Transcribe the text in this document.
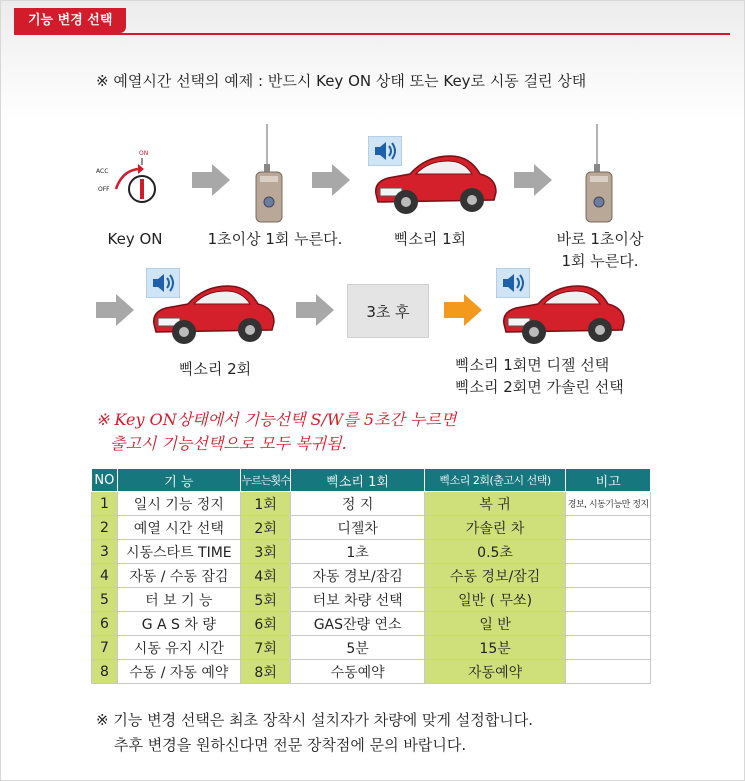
기능 변경 선택
※ 예열시간 선택의 예제 : 반드시 Key ON 상태 또는 Key로 시동 걸린 상태
ACC
ON
OFF
Key ON	1초이상 1회 누른다.	삑소리 1회	바로 1초이상
1회 누른다.
3초 후
삑소리 2회	삑소리 1회면 디젤 선택
삑소리 2회면 가솔린 선택
※ Key ON상태에서 기능선택 S/W를 5초간 누르면
출고시 기능선택으로 모두 복귀됨.
NO	기 능	누르는횟수	삑소리 1회	삑소리 2회(출고시 선택)	비고
1	일시 기능 정지	1회	정 지	복 귀	경보, 시동기능만 정지
2	예열 시간 선택	2회	디젤차	가솔린 차	
3	시동스타트 TIME	3회	1초	0.5초	
4	자동 / 수동 잠김	4회	자동 경보/잠김	수동 경보/잠김	
5	터 보 기 능	5회	터보 차량 선택	일반 ( 무쏘)	
6	G A S 차 량	6회	GAS잔량 연소	일 반	
7	시동 유지 시간	7회	5분	15분	
8	수동 / 자동 예약	8회	수동예약	자동예약	
※ 기능 변경 선택은 최초 장착시 설치자가 차량에 맞게 설정합니다.
추후 변경을 원하신다면 전문 장착점에 문의 바랍니다.
